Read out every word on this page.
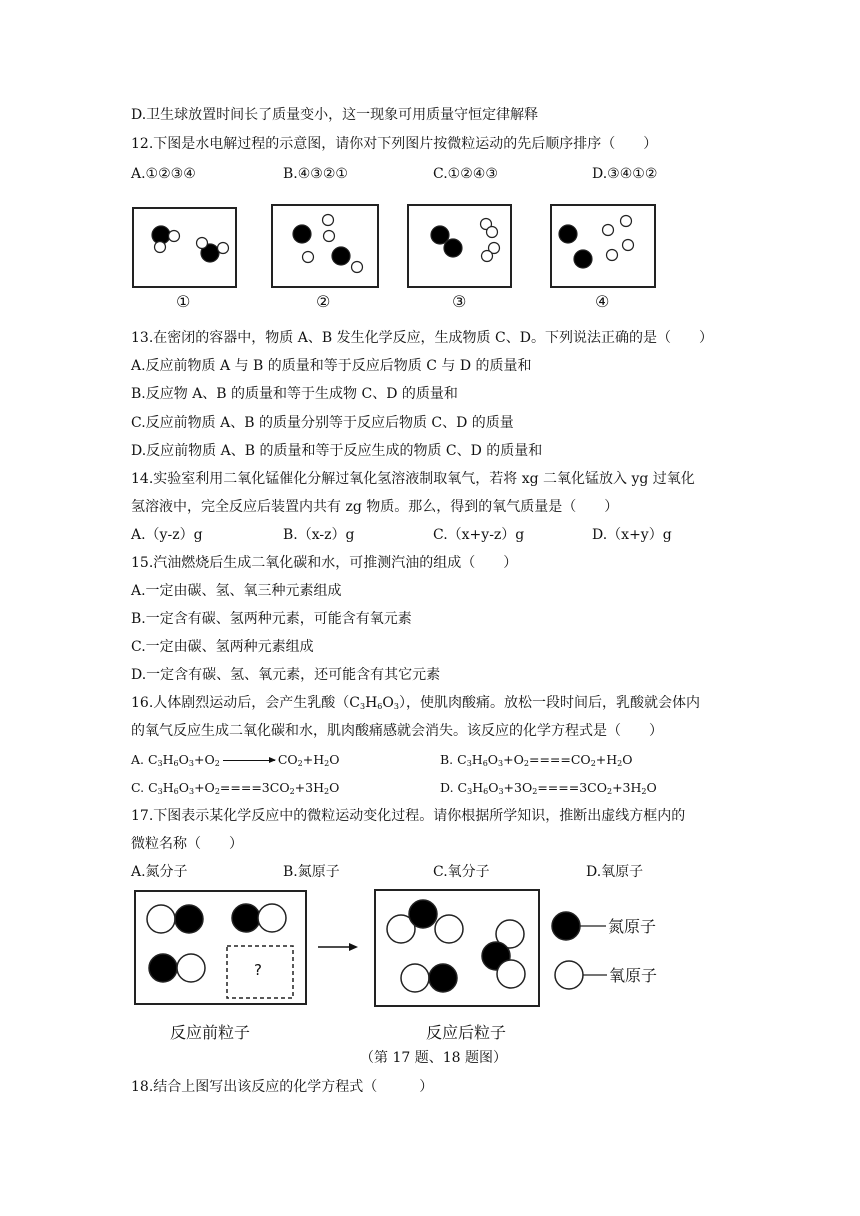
D.卫生球放置时间长了质量变小，这一现象可用质量守恒定律解释
12.下图是水电解过程的示意图，请你对下列图片按微粒运动的先后顺序排序（　　）
A.①②③④	B.④③②①	C.①②④③	D.③④①②
①	②	③	④
13.在密闭的容器中，物质 A、B 发生化学反应，生成物质 C、D。下列说法正确的是（　　）
A.反应前物质 A 与 B 的质量和等于反应后物质 C 与 D 的质量和
B.反应物 A、B 的质量和等于生成物 C、D 的质量和
C.反应前物质 A、B 的质量分别等于反应后物质 C、D 的质量
D.反应前物质 A、B 的质量和等于反应生成的物质 C、D 的质量和
14.实验室利用二氧化锰催化分解过氧化氢溶液制取氧气，若将 xg 二氧化锰放入 yg 过氧化
氢溶液中，完全反应后装置内共有 zg 物质。那么，得到的氧气质量是（　　）
A.（y-z）g	B.（x-z）g	C.（x+y-z）g	D.（x+y）g
15.汽油燃烧后生成二氧化碳和水，可推测汽油的组成（　　）
A.一定由碳、氢、氧三种元素组成
B.一定含有碳、氢两种元素，可能含有氧元素
C.一定由碳、氢两种元素组成
D.一定含有碳、氢、氧元素，还可能含有其它元素
16.人体剧烈运动后，会产生乳酸$(C_3H_6O_3)$，使肌肉酸痛。放松一段时间后，乳酸就会体内
的氧气反应生成二氧化碳和水，肌肉酸痛感就会消失。该反应的化学方程式是（　　）
A. $C_3H_6O_3+O_2$	$CO_2+H_2O$	B. $C_3H_6O_3+O_2====CO_2+H_2O$
C. $C_3H_6O_3+O_2====3CO_2+3H_2O$	D. $C_3H_6O_3+3O_2====3CO_2+3H_2O$
17.下图表示某化学反应中的微粒运动变化过程。请你根据所学知识，推断出虚线方框内的
微粒名称（　　）
A.氮分子	B.氮原子	C.氧分子	D.氧原子
?
氮原子
氧原子
反应前粒子	反应后粒子
（第 17 题、18 题图）
18.结合上图写出该反应的化学方程式（　　　）
